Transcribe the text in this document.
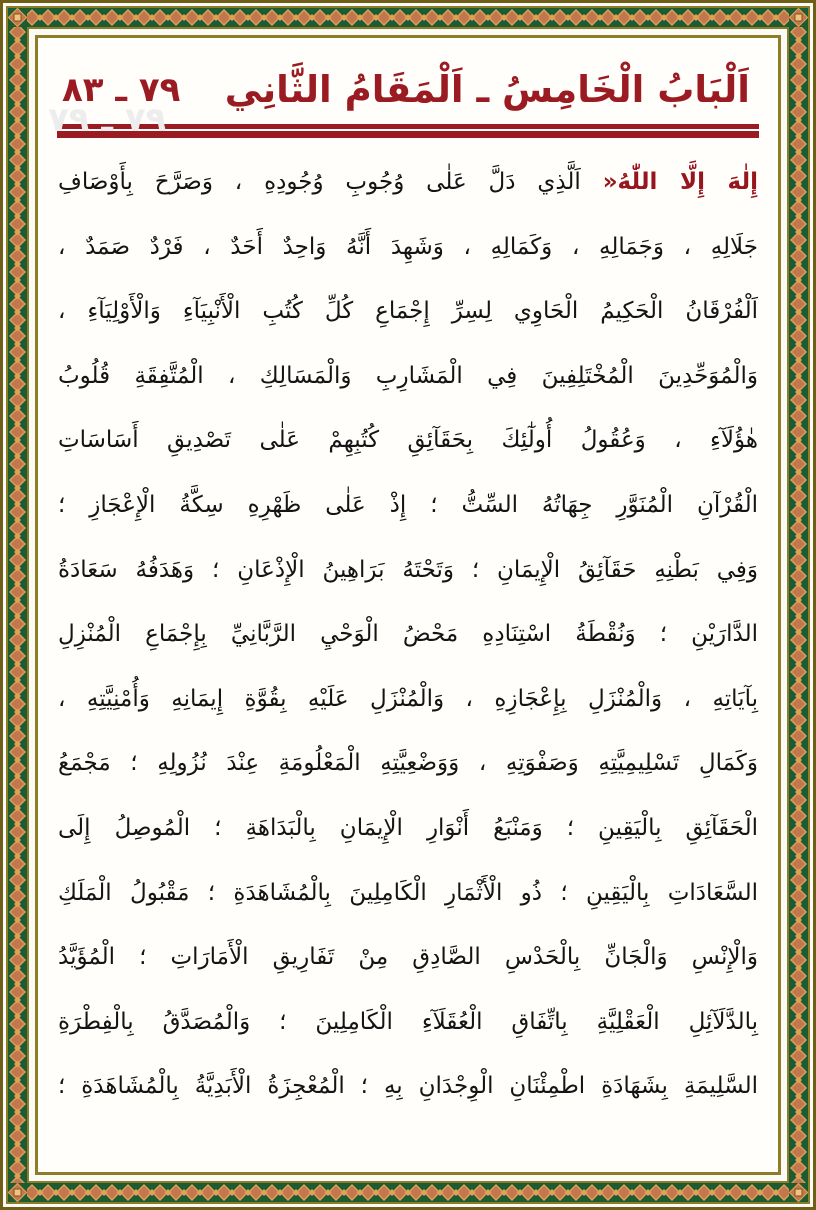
٧٩ ـ ٧٩
اَلْبَابُ الْخَامِسُ ـ اَلْمَقَامُ الثَّانِي
٧٩ ـ ٨٣
إِلٰهَ إِلَّا اللّٰهُ« اَلَّذِي دَلَّ عَلٰى وُجُوبِ وُجُودِهِ ، وَصَرَّحَ بِأَوْصَافِ
جَلَالِهِ ، وَجَمَالِهِ ، وَكَمَالِهِ ، وَشَهِدَ أَنَّهُ وَاحِدٌ أَحَدٌ ، فَرْدٌ صَمَدٌ ،
اَلْفُرْقَانُ الْحَكِيمُ الْحَاوِي لِسِرِّ إِجْمَاعِ كُلِّ كُتُبِ الْأَنْبِيَآءِ وَالْأَوْلِيَآءِ ،
وَالْمُوَحِّدِينَ الْمُخْتَلِفِينَ فِي الْمَشَارِبِ وَالْمَسَالِكِ ، الْمُتَّفِقَةِ قُلُوبُ
هٰؤُلَآءِ ، وَعُقُولُ أُولٰٓئِكَ بِحَقَآئِقِ كُتُبِهِمْ عَلٰى تَصْدِيقِ أَسَاسَاتِ
الْقُرْآنِ الْمُنَوَّرِ جِهَاتُهُ السِّتُّ ؛ إِذْ عَلٰى ظَهْرِهِ سِكَّةُ الْإِعْجَازِ ؛
وَفِي بَطْنِهِ حَقَآئِقُ الْإِيمَانِ ؛ وَتَحْتَهُ بَرَاهِينُ الْإِذْعَانِ ؛ وَهَدَفُهُ سَعَادَةُ
الدَّارَيْنِ ؛ وَنُقْطَةُ اسْتِنَادِهِ مَحْضُ الْوَحْيِ الرَّبَّانِيِّ بِإِجْمَاعِ الْمُنْزِلِ
بِآيَاتِهِ ، وَالْمُنْزَلِ بِإِعْجَازِهِ ، وَالْمُنْزَلِ عَلَيْهِ بِقُوَّةِ إِيمَانِهِ وَأُمْنِيَّتِهِ ،
وَكَمَالِ تَسْلِيمِيَّتِهِ وَصَفْوَتِهِ ، وَوَضْعِيَّتِهِ الْمَعْلُومَةِ عِنْدَ نُزُولِهِ ؛ مَجْمَعُ
الْحَقَآئِقِ بِالْيَقِينِ ؛ وَمَنْبَعُ أَنْوَارِ الْإِيمَانِ بِالْبَدَاهَةِ ؛ الْمُوصِلُ إِلَى
السَّعَادَاتِ بِالْيَقِينِ ؛ ذُو الْأَثْمَارِ الْكَامِلِينَ بِالْمُشَاهَدَةِ ؛ مَقْبُولُ الْمَلَكِ
وَالْإِنْسِ وَالْجَانِّ بِالْحَدْسِ الصَّادِقِ مِنْ تَفَارِيقِ الْأَمَارَاتِ ؛ الْمُؤَيَّدُ
بِالدَّلَآئِلِ الْعَقْلِيَّةِ بِاتِّفَاقِ الْعُقَلَآءِ الْكَامِلِينَ ؛ وَالْمُصَدَّقُ بِالْفِطْرَةِ
السَّلِيمَةِ بِشَهَادَةِ اطْمِئْنَانِ الْوِجْدَانِ بِهِ ؛ الْمُعْجِزَةُ الْأَبَدِيَّةُ بِالْمُشَاهَدَةِ ؛
